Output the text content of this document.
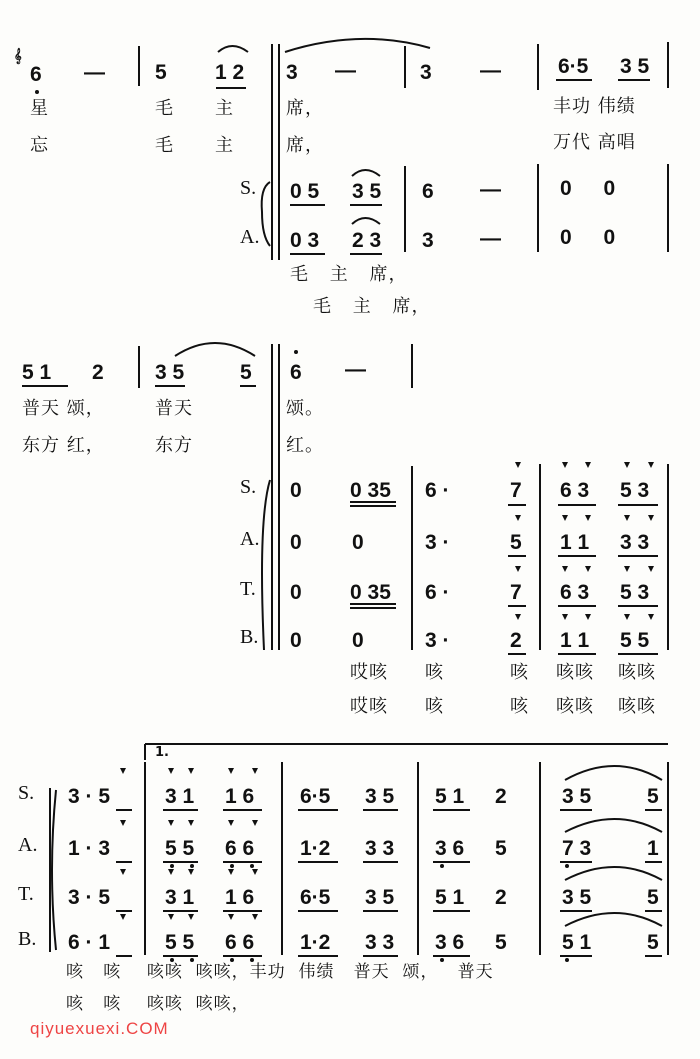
𝄞
6 — 5 1 2 3 —	3 —	6·5 3 5
星	毛 主	席，	丰功 伟绩
忘	毛 主	席，	万代 高唱
S. 0 5 3 5 6 —	0 0
A. 0 3 2 3 3 —	0 0
毛 主 席，
毛 主 席，
5 1 2 3 5	5 6 —
普天 颂，	普天	颂。
东方 红，	东方	红。
S. 0 0 35 6 ·	7 6 3 5 3
A. 0 0	3 ·	5 1 1 3 3
T. 0 0 35 6 ·	7 6 3 5 3
B. 0 0	3 ·	2 1 1 5 5
哎咳 咳	咳 咳咳 咳咳
哎咳 咳	咳 咳咳 咳咳
1.
S. 3 · 5	3 1 1 6 6·5 3 5 5 1 2	3 5	5
A. 1 · 3	5 5 6 6 1·2 3 3 3 6 5	7 3	1
T. 3 · 5	3 1 1 6 6·5 3 5 5 1 2	3 5	5
B. 6 · 1	5 5 6 6 1·2 3 3 3 6 5	5 1	5
咳   咳    咳咳  咳咳，丰功  伟绩   普天  颂，   普天
咳   咳    咳咳  咳咳，
qiyuexuexi.COM
